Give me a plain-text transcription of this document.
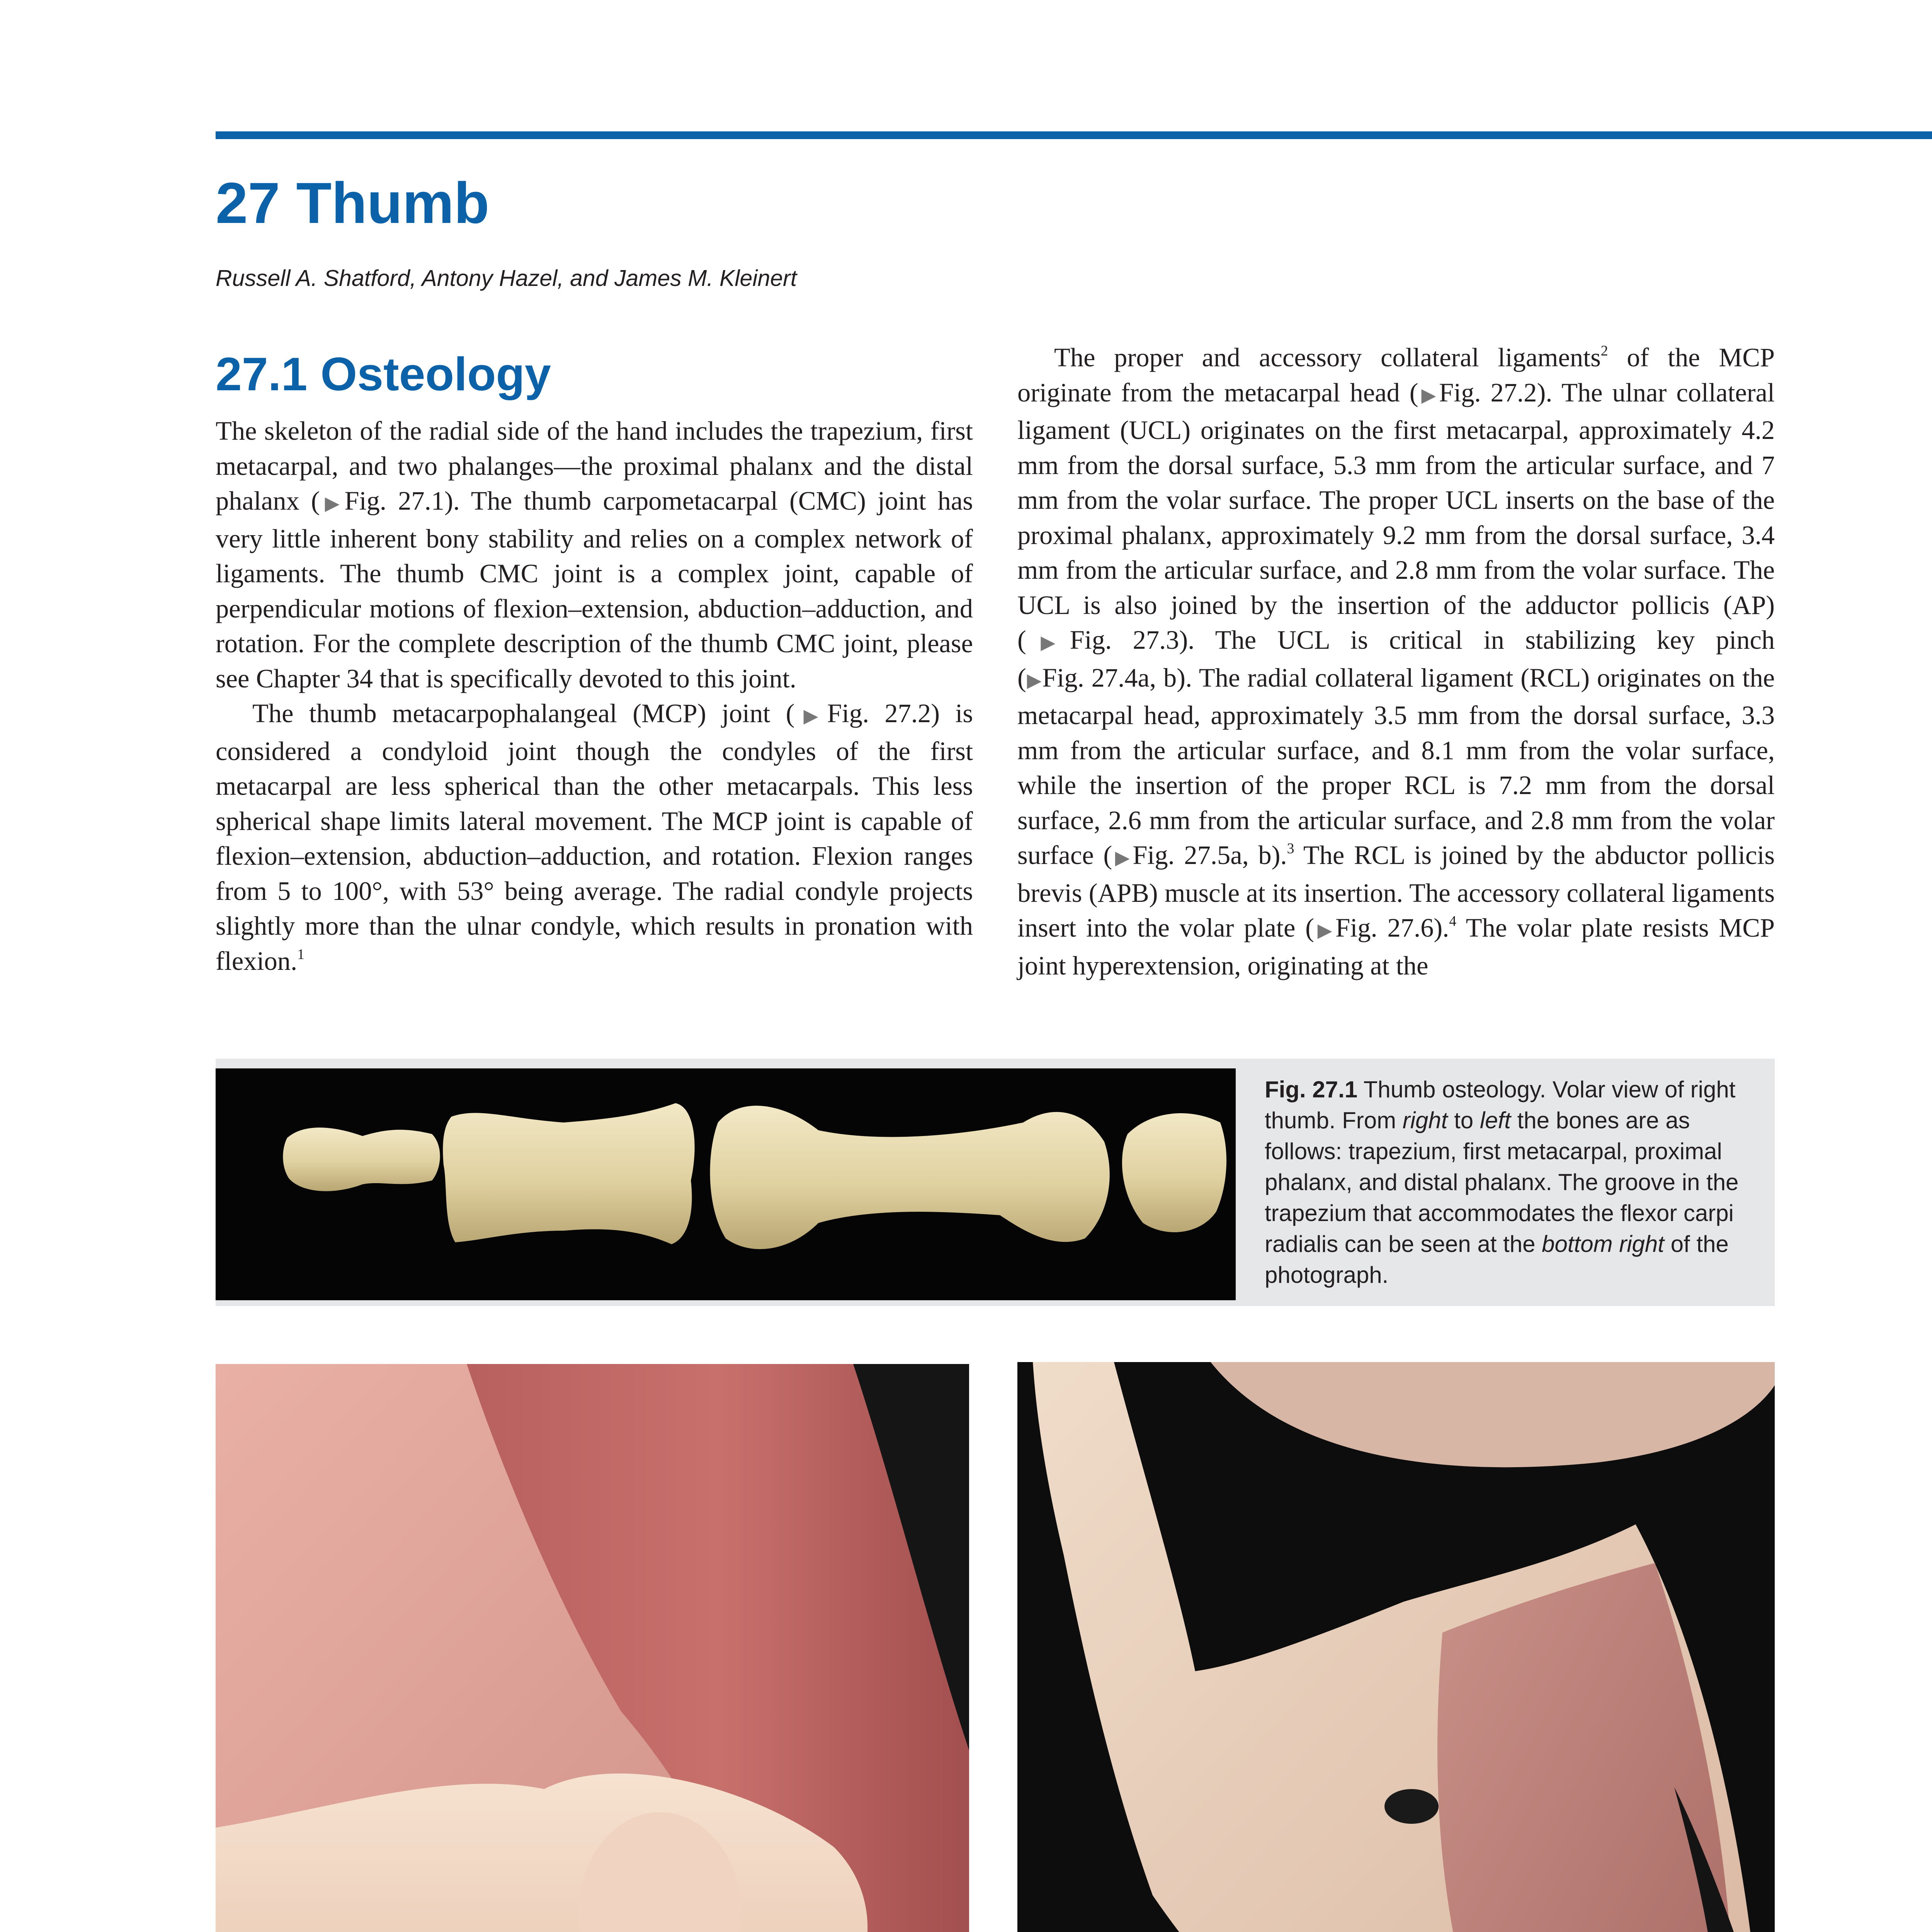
27 Thumb
Russell A. Shatford, Antony Hazel, and James M. Kleinert
27.1 Osteology

The skeleton of the radial side of the hand includes the trapezium, first metacarpal, and two phalanges—the proximal phalanx and the distal phalanx (▶Fig. 27.1). The thumb carpometacarpal (CMC) joint has very little inherent bony stability and relies on a complex network of ligaments. The thumb CMC joint is a complex joint, capable of perpendicular motions of flexion–extension, abduction–adduction, and rotation. For the complete description of the thumb CMC joint, please see Chapter 34 that is specifically devoted to this joint.

The thumb metacarpophalangeal (MCP) joint (▶Fig. 27.2) is considered a condyloid joint though the condyles of the first metacarpal are less spherical than the other metacarpals. This less spherical shape limits lateral movement. The MCP joint is capable of flexion–extension, abduction–adduction, and rotation. Flexion ranges from 5 to 100°, with 53° being average. The radial condyle projects slightly more than the ulnar condyle, which results in pronation with flexion.$^1$

The proper and accessory collateral ligaments$^2$ of the MCP originate from the metacarpal head (▶Fig. 27.2). The ulnar collateral ligament (UCL) originates on the first metacarpal, approximately 4.2 mm from the dorsal surface, 5.3 mm from the articular surface, and 7 mm from the volar surface. The proper UCL inserts on the base of the proximal phalanx, approximately 9.2 mm from the dorsal surface, 3.4 mm from the articular surface, and 2.8 mm from the volar surface. The UCL is also joined by the insertion of the adductor pollicis (AP) (▶Fig. 27.3). The UCL is critical in stabilizing key pinch (▶Fig. 27.4a, b). The radial collateral ligament (RCL) originates on the metacarpal head, approximately 3.5 mm from the dorsal surface, 3.3 mm from the articular surface, and 8.1 mm from the volar surface, while the insertion of the proper RCL is 7.2 mm from the dorsal surface, 2.6 mm from the articular surface, and 2.8 mm from the volar surface (▶Fig. 27.5a, b).$^3$ The RCL is joined by the abductor pollicis brevis (APB) muscle at its insertion. The accessory collateral ligaments insert into the volar plate (▶Fig. 27.6).$^4$ The volar plate resists MCP joint hyperextension, originating at the

Fig. 27.1 Thumb osteology. Volar view of right thumb. From right to left the bones are as follows: trapezium, first metacarpal, proximal phalanx, and distal phalanx. The groove in the trapezium that accommodates the flexor carpi radialis can be seen at the bottom right of the photograph.
